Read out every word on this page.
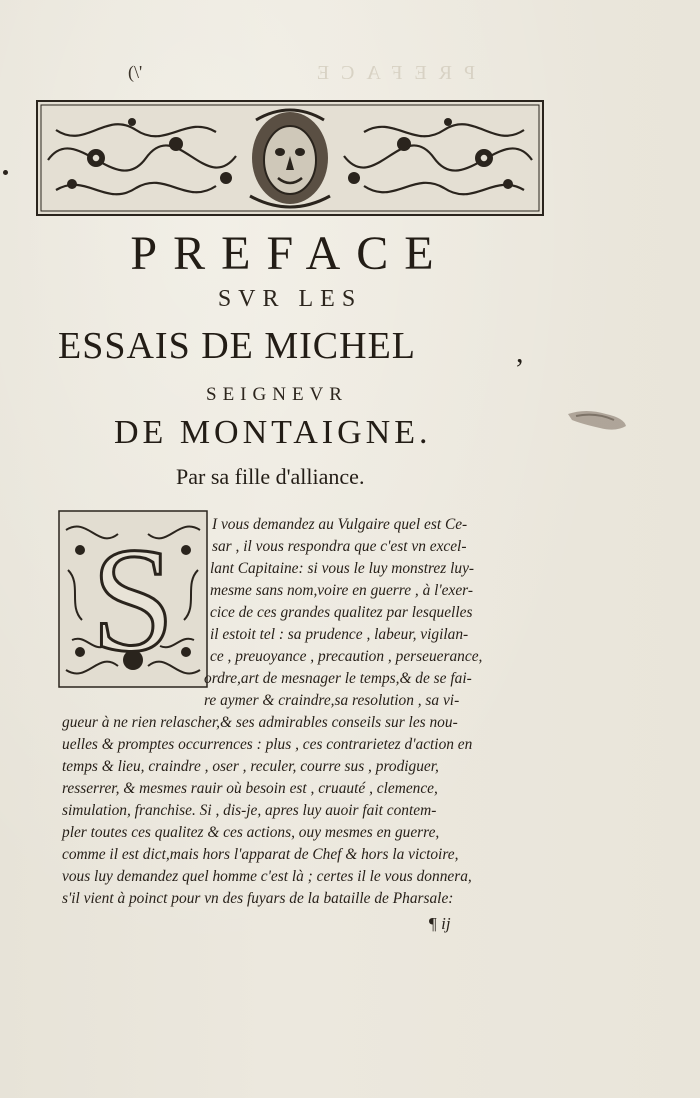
PREFACE
(\'
PREFACE
SVR LES
ESSAIS DE MICHEL	,
SEIGNEVR
DE MONTAIGNE.
Par sa fille d'alliance.
S I vous demandez au Vulgaire quel est Ce-
sar , il vous respondra que c'est vn excel-
lant Capitaine: si vous le luy monstrez luy-
mesme sans nom,voire en guerre , à l'exer-
cice de ces grandes qualitez par lesquelles
il estoit tel : sa prudence , labeur, vigilan-
ce , preuoyance , precaution , perseuerance,
ordre,art de mesnager le temps,& de se fai-
re aymer & craindre,sa resolution , sa vi-
gueur à ne rien relascher,& ses admirables conseils sur les nou-
uelles & promptes occurrences : plus , ces contrarietez d'action en
temps & lieu, craindre , oser , reculer, courre sus , prodiguer,
resserrer, & mesmes rauir où besoin est , cruauté , clemence,
simulation, franchise. Si , dis-je, apres luy auoir fait contem-
pler toutes ces qualitez & ces actions, ouy mesmes en guerre,
comme il est dict,mais hors l'apparat de Chef & hors la victoire,
vous luy demandez quel homme c'est là ; certes il le vous donnera,
s'il vient à poinct pour vn des fuyars de la bataille de Pharsale:
¶ ij
